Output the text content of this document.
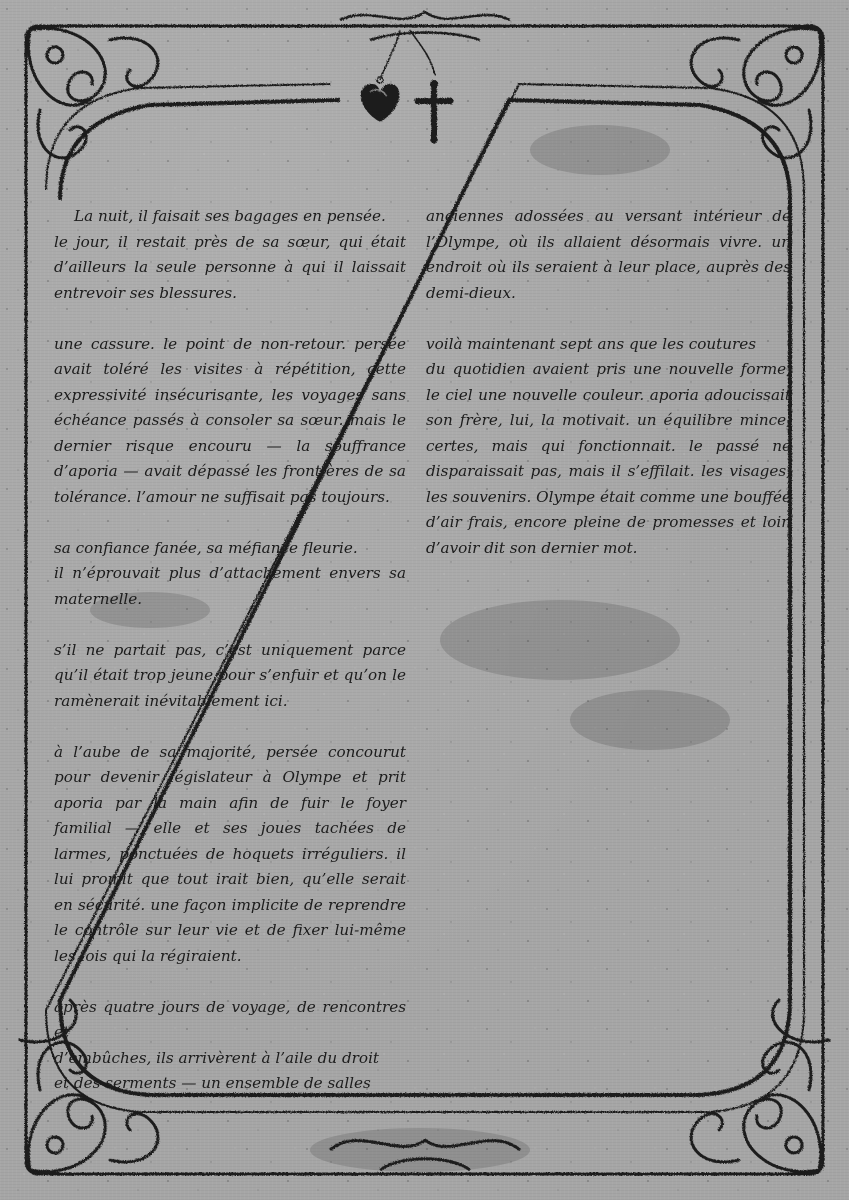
La nuit, il faisait ses bagages en pensée.
le jour, il restait près de sa sœur, qui était d’ailleurs la seule personne à qui il laissait entrevoir ses blessures.

une cassure. le point de non-retour. persée avait toléré les visites à répétition, cette expressivité insécurisante, les voyages sans échéance passés à consoler sa sœur. mais le dernier risque encouru — la souffrance d’aporia — avait dépassé les frontières de sa tolérance. l’amour ne suffisait pas toujours.

sa confiance fanée, sa méfiance fleurie.
il n’éprouvait plus d’attachement envers sa maternelle.

s’il ne partait pas, c’est uniquement parce qu’il était trop jeune pour s’enfuir et qu’on le ramènerait inévitablement ici.

à l’aube de sa majorité, persée concourut pour devenir législateur à Olympe et prit aporia par la main afin de fuir le foyer familial — elle et ses joues tachées de larmes, ponctuées de hoquets irréguliers. il lui promit que tout irait bien, qu’elle serait en sécurité. une façon implicite de reprendre le contrôle sur leur vie et de fixer lui-même les lois qui la régiraient.

après quatre jours de voyage, de rencontres et
d’embûches, ils arrivèrent à l’aile du droit
et des serments — un ensemble de salles

anciennes adossées au versant intérieur de l’Olympe, où ils allaient désormais vivre. un endroit où ils seraient à leur place, auprès des demi-dieux.

voilà maintenant sept ans que les coutures
du quotidien avaient pris une nouvelle forme, le ciel une nouvelle couleur. aporia adoucissait son frère, lui, la motivait. un équilibre mince, certes, mais qui fonctionnait. le passé ne disparaissait pas, mais il s’effilait. les visages, les souvenirs. Olympe était comme une bouffée d’air frais, encore pleine de promesses et loin d’avoir dit son dernier mot.
